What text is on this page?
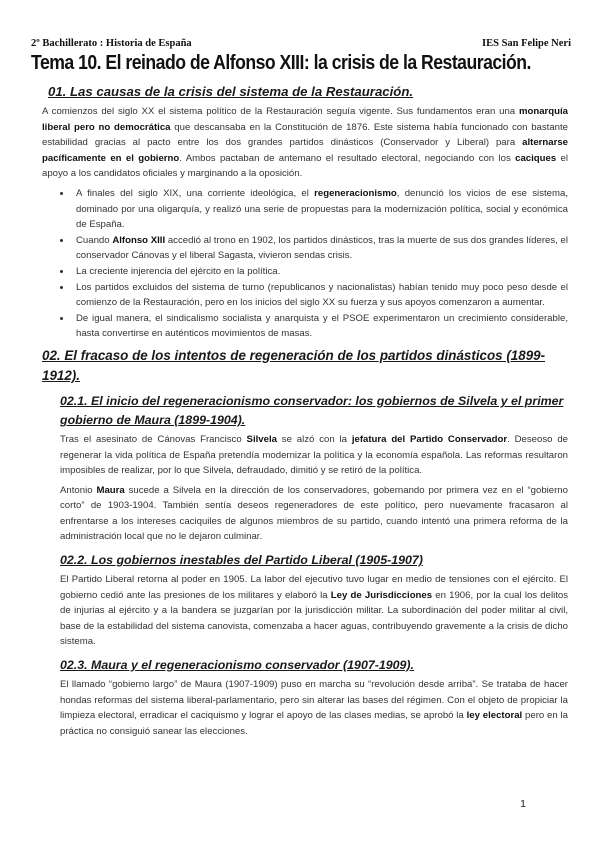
2º Bachillerato : Historia de España	IES San Felipe Neri
Tema 10. El reinado de Alfonso XIII: la crisis de la Restauración.
01. Las causas de la crisis del sistema de la Restauración.

A comienzos del siglo XX el sistema político de la Restauración seguía vigente. Sus fundamentos eran una monarquía liberal pero no democrática que descansaba en la Constitución de 1876. Este sistema había funcionado con bastante estabilidad gracias al pacto entre los dos grandes partidos dinásticos (Conservador y Liberal) para alternarse pacíficamente en el gobierno. Ambos pactaban de antemano el resultado electoral, negociando con los caciques el apoyo a los candidatos oficiales y marginando a la oposición.

• A finales del siglo XIX, una corriente ideológica, el regeneracionismo, denunció los vicios de ese sistema, dominado por una oligarquía, y realizó una serie de propuestas para la modernización política, social y económica de España.
• Cuando Alfonso XIII accedió al trono en 1902, los partidos dinásticos, tras la muerte de sus dos grandes líderes, el conservador Cánovas y el liberal Sagasta, vivieron sendas crisis.
• La creciente injerencia del ejército en la política.
• Los partidos excluidos del sistema de turno (republicanos y nacionalistas) habían tenido muy poco peso desde el comienzo de la Restauración, pero en los inicios del siglo XX su fuerza y sus apoyos comenzaron a aumentar.
• De igual manera, el sindicalismo socialista y anarquista y el PSOE experimentaron un crecimiento considerable, hasta convertirse en auténticos movimientos de masas.
02. El fracaso de los intentos de regeneración de los partidos dinásticos (1899-1912).
02.1. El inicio del regeneracionismo conservador: los gobiernos de Silvela y el primer gobierno de Maura (1899-1904).

Tras el asesinato de Cánovas Francisco Silvela se alzó con la jefatura del Partido Conservador. Deseoso de regenerar la vida política de España pretendía modernizar la política y la economía española. Las reformas resultaron imposibles de realizar, por lo que Silvela, defraudado, dimitió y se retiró de la política.

Antonio Maura sucede a Silvela en la dirección de los conservadores, gobernando por primera vez en el “gobierno corto” de 1903-1904. También sentía deseos regeneradores de este político, pero nuevamente fracasaron al enfrentarse a los intereses caciquiles de algunos miembros de su partido, cuando intentó una primera reforma de la administración local que no le dejaron culminar.

02.2. Los gobiernos inestables del Partido Liberal (1905-1907)

El Partido Liberal retorna al poder en 1905. La labor del ejecutivo tuvo lugar en medio de tensiones con el ejército. El gobierno cedió ante las presiones de los militares y elaboró la Ley de Jurisdicciones en 1906, por la cual los delitos de injurias al ejército y a la bandera se juzgarían por la jurisdicción militar. La subordinación del poder militar al civil, base de la estabilidad del sistema canovista, comenzaba a hacer aguas, contribuyendo gravemente a la crisis de dicho sistema.

02.3. Maura y el regeneracionismo conservador (1907-1909).

El llamado “gobierno largo” de Maura (1907-1909) puso en marcha su “revolución desde arriba”. Se trataba de hacer hondas reformas del sistema liberal-parlamentario, pero sin alterar las bases del régimen. Con el objeto de propiciar la limpieza electoral, erradicar el caciquismo y lograr el apoyo de las clases medias, se aprobó la ley electoral pero en la práctica no consiguió sanear las elecciones.

1
